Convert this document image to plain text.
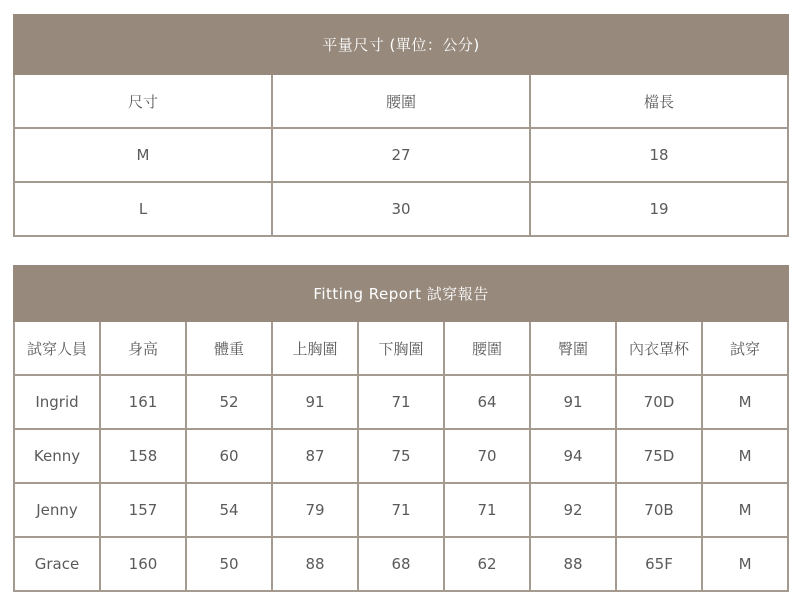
平量尺寸 (單位：公分)		
尺寸	腰圍	檔長
M	27	18
L	30	19
Fitting Report 試穿報告								
試穿人員	身高	體重	上胸圍	下胸圍	腰圍	臀圍	內衣罩杯	試穿
Ingrid	161	52	91	71	64	91	70D	M
Kenny	158	60	87	75	70	94	75D	M
Jenny	157	54	79	71	71	92	70B	M
Grace	160	50	88	68	62	88	65F	M
